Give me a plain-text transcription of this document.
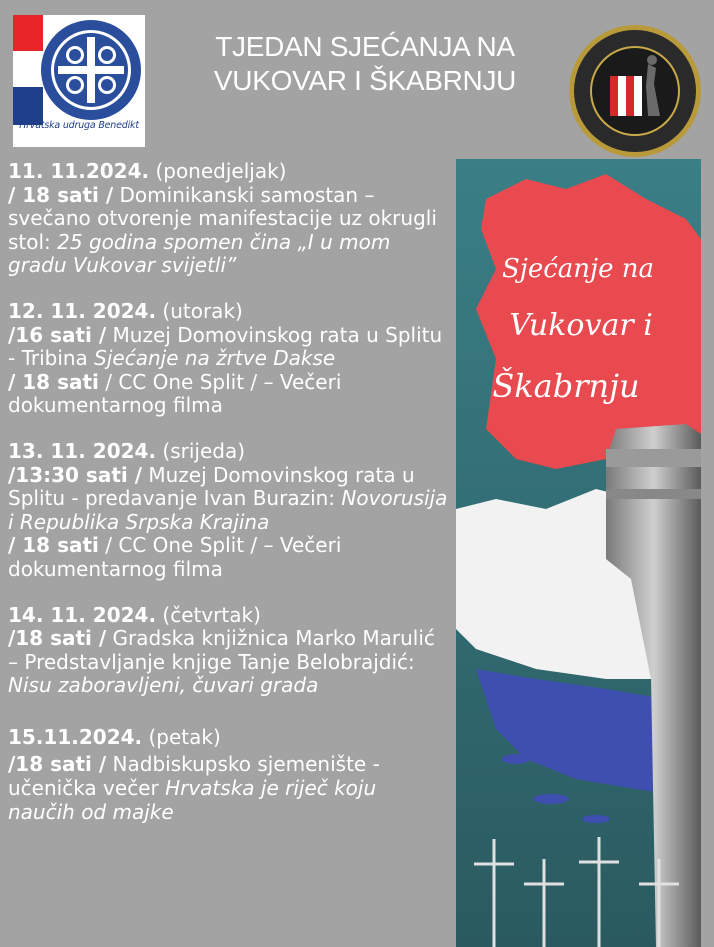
Hrvatska udruga Benedikt
TJEDAN SJEĆANJA NA
VUKOVAR I ŠKABRNJU
11. 11.2024. (ponedjeljak)
/ 18 sati / Dominikanski samostan – svečano otvorenje manifestacije uz okrugli stol: 25 godina spomen čina „I u mom gradu Vukovar svijetli”
12. 11. 2024. (utorak)
/16 sati / Muzej Domovinskog rata u Splitu - Tribina Sjećanje na žrtve Dakse
/ 18 sati / CC One Split / – Večeri dokumentarnog filma
13. 11. 2024. (srijeda)
/13:30 sati / Muzej Domovinskog rata u Splitu - predavanje Ivan Burazin: Novorusija i Republika Srpska Krajina
/ 18 sati / CC One Split / – Večeri dokumentarnog filma
14. 11. 2024. (četvrtak)
/18 sati / Gradska knjižnica Marko Marulić – Predstavljanje knjige Tanje Belobrajdić: Nisu zaboravljeni, čuvari grada
15.11.2024. (petak)
/18 sati / Nadbiskupsko sjemenište - učenička večer Hrvatska je riječ koju naučih od majke
Sjećanje na
Vukovar i
Škabrnju
